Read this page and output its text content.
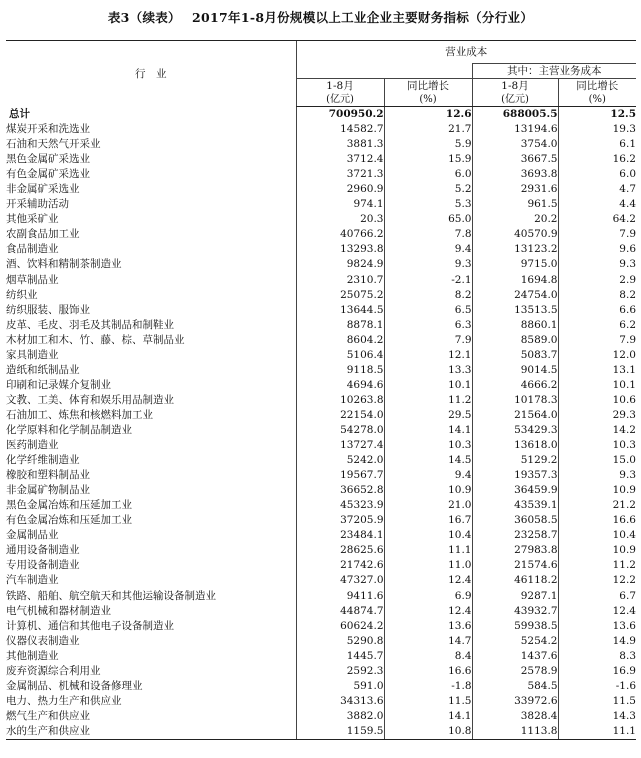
表3（续表）　 2017年1-8月份规模以上工业企业主要财务指标（分行业）
行　业	营业成本			
			其中：主营业务成本	
	1-8月	同比增长	1-8月	同比增长
	(亿元)	(%)	(亿元)	(%)
总计	700950.2	12.6	688005.5	12.5
煤炭开采和洗选业	14582.7	21.7	13194.6	19.3
石油和天然气开采业	3881.3	5.9	3754.0	6.1
黑色金属矿采选业	3712.4	15.9	3667.5	16.2
有色金属矿采选业	3721.3	6.0	3693.8	6.0
非金属矿采选业	2960.9	5.2	2931.6	4.7
开采辅助活动	974.1	5.3	961.5	4.4
其他采矿业	20.3	65.0	20.2	64.2
农副食品加工业	40766.2	7.8	40570.9	7.9
食品制造业	13293.8	9.4	13123.2	9.6
酒、饮料和精制茶制造业	9824.9	9.3	9715.0	9.3
烟草制品业	2310.7	-2.1	1694.8	2.9
纺织业	25075.2	8.2	24754.0	8.2
纺织服装、服饰业	13644.5	6.5	13513.5	6.6
皮革、毛皮、羽毛及其制品和制鞋业	8878.1	6.3	8860.1	6.2
木材加工和木、竹、藤、棕、草制品业	8604.2	7.9	8589.0	7.9
家具制造业	5106.4	12.1	5083.7	12.0
造纸和纸制品业	9118.5	13.3	9014.5	13.1
印刷和记录媒介复制业	4694.6	10.1	4666.2	10.1
文教、工美、体育和娱乐用品制造业	10263.8	11.2	10178.3	10.6
石油加工、炼焦和核燃料加工业	22154.0	29.5	21564.0	29.3
化学原料和化学制品制造业	54278.0	14.1	53429.3	14.2
医药制造业	13727.4	10.3	13618.0	10.3
化学纤维制造业	5242.0	14.5	5129.2	15.0
橡胶和塑料制品业	19567.7	9.4	19357.3	9.3
非金属矿物制品业	36652.8	10.9	36459.9	10.9
黑色金属冶炼和压延加工业	45323.9	21.0	43539.1	21.2
有色金属冶炼和压延加工业	37205.9	16.7	36058.5	16.6
金属制品业	23484.1	10.4	23258.7	10.4
通用设备制造业	28625.6	11.1	27983.8	10.9
专用设备制造业	21742.6	11.0	21574.6	11.2
汽车制造业	47327.0	12.4	46118.2	12.2
铁路、船舶、航空航天和其他运输设备制造业	9411.6	6.9	9287.1	6.7
电气机械和器材制造业	44874.7	12.4	43932.7	12.4
计算机、通信和其他电子设备制造业	60624.2	13.6	59938.5	13.6
仪器仪表制造业	5290.8	14.7	5254.2	14.9
其他制造业	1445.7	8.4	1437.6	8.3
废弃资源综合利用业	2592.3	16.6	2578.9	16.9
金属制品、机械和设备修理业	591.0	-1.8	584.5	-1.6
电力、热力生产和供应业	34313.6	11.5	33972.6	11.5
燃气生产和供应业	3882.0	14.1	3828.4	14.3
水的生产和供应业	1159.5	10.8	1113.8	11.1
